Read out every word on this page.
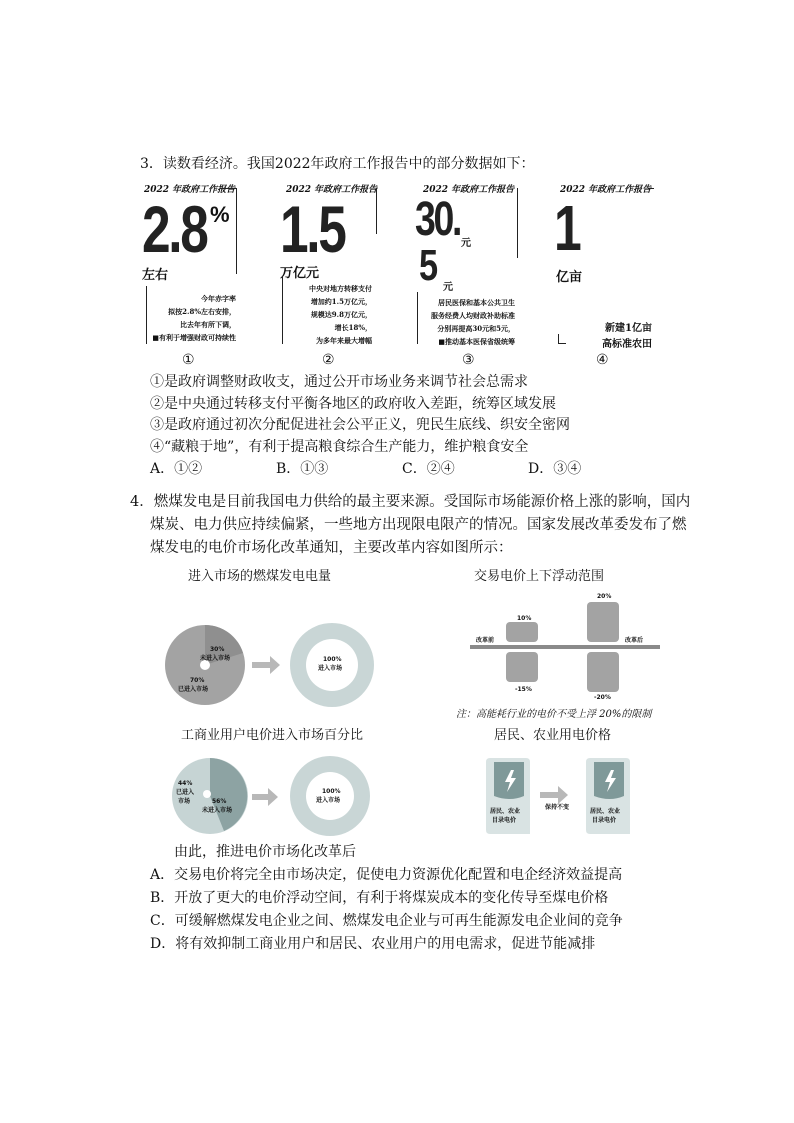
3．读数看经济。我国2022年政府工作报告中的部分数据如下：
2022 年政府工作报告
2.8 %
左右
今年赤字率
拟按2.8%左右安排，
比去年有所下调，
■有利于增强财政可持续性
①
2022 年政府工作报告
1.5
万亿元
中央对地方转移支付
增加约1.5万亿元，
规模达9.8万亿元，
增长18%，
为多年来最大增幅
②
2022 年政府工作报告
30. 元
5 元
居民医保和基本公共卫生
服务经费人均财政补助标准
分别再提高30元和5元，
■推动基本医保省级统筹
③
2022 年政府工作报告
1
亿亩
新建1亿亩
高标准农田
④
①是政府调整财政收支，通过公开市场业务来调节社会总需求
②是中央通过转移支付平衡各地区的政府收入差距，统筹区域发展
③是政府通过初次分配促进社会公平正义，兜民生底线、织安全密网
④“藏粮于地”，有利于提高粮食综合生产能力，维护粮食安全
A．①②	B．①③	C．②④	D．③④
4．燃煤发电是目前我国电力供给的最主要来源。受国际市场能源价格上涨的影响，国内
煤炭、电力供应持续偏紧，一些地方出现限电限产的情况。国家发展改革委发布了燃
煤发电的电价市场化改革通知，主要改革内容如图所示：
进入市场的燃煤发电电量
30%
未进入市场
70%
已进入市场
100%
进入市场
交易电价上下浮动范围
改革前	改革后
10%
-15%
20%
-20%
注：高能耗行业的电价不受上浮 20%的限制
工商业用户电价进入市场百分比
44%
已进入
市场	56%
未进入市场
100%
进入市场
居民、农业用电价格
居民、农业
目录电价
保持不变
居民、农业
目录电价
由此，推进电价市场化改革后
A．交易电价将完全由市场决定，促使电力资源优化配置和电企经济效益提高
B．开放了更大的电价浮动空间，有利于将煤炭成本的变化传导至煤电价格
C．可缓解燃煤发电企业之间、燃煤发电企业与可再生能源发电企业间的竞争
D．将有效抑制工商业用户和居民、农业用户的用电需求，促进节能减排
